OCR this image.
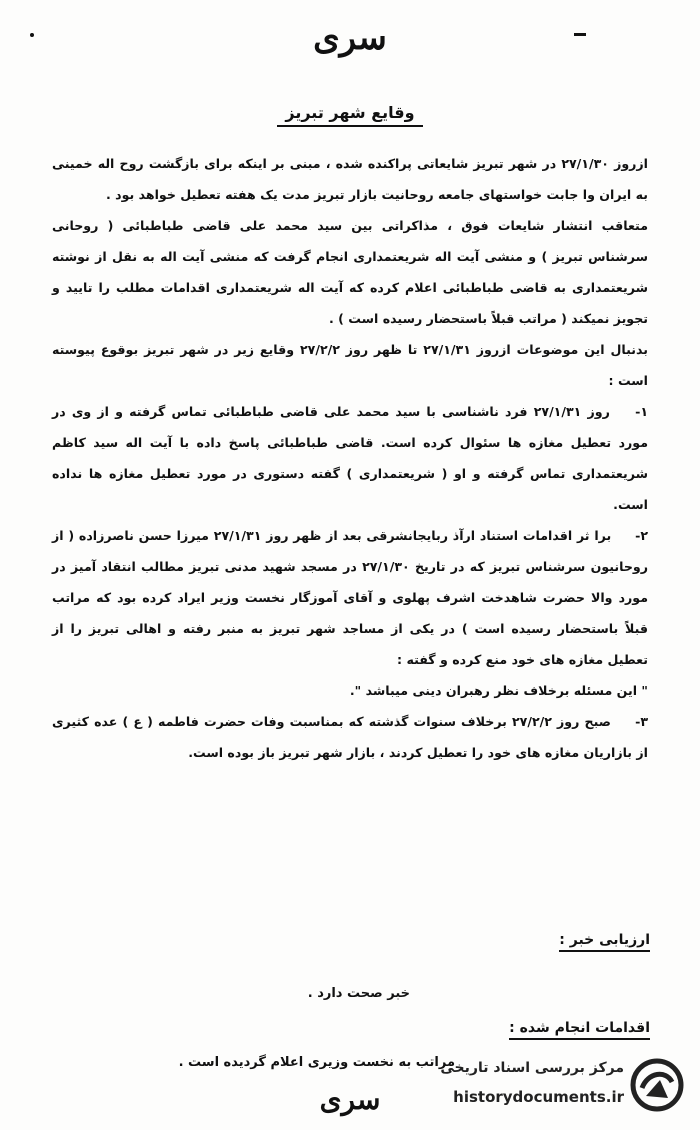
سری
وقایع شهر تبریز

ازروز ۲۷/۱/۳۰ در شهر تبریز شایعاتی پراکنده شده ، مبنی بر اینکه برای بازگشت روح اله خمینی به ایران وا جابت خواستهای جامعه روحانیت بازار تبریز مدت یک هفته تعطیل خواهد بود .

متعاقب انتشار شایعات فوق ، مذاکراتی بین سید محمد علی قاضی طباطبائی ( روحانی سرشناس تبریز ) و منشی آیت اله شریعتمداری انجام گرفت که منشی آیت اله به نقل از نوشته شریعتمداری به قاضی طباطبائی اعلام کرده که آیت اله شریعتمداری اقدامات مطلب را تایید و تجویز نمیکند ( مراتب قبلاً باستحضار رسیده است ) .

بدنبال این موضوعات ازروز ۲۷/۱/۳۱ تا ظهر روز ۲۷/۲/۲ وقایع زیر در شهر تبریز بوقوع پیوسته است :

۱- روز ۲۷/۱/۳۱ فرد ناشناسی با سید محمد علی قاضی طباطبائی تماس گرفته و از وی در مورد تعطیل مغازه ها سئوال کرده است. قاضی طباطبائی پاسخ داده با آیت اله سید کاظم شریعتمداری تماس گرفته و او ( شریعتمداری ) گفته دستوری در مورد تعطیل مغازه ها نداده است.

۲- برا ثر اقدامات استناد ارآذ ربایجانشرقی بعد از ظهر روز ۲۷/۱/۳۱ میرزا حسن ناصرزاده ( از روحانیون سرشناس تبریز که در تاریخ ۲۷/۱/۳۰ در مسجد شهید مدنی تبریز مطالب انتقاد آمیز در مورد والا حضرت شاهدخت اشرف پهلوی و آقای آموزگار نخست وزیر ایراد کرده بود که مراتب قبلاً باستحضار رسیده است ) در یکی از مساجد شهر تبریز به منبر رفته و اهالی تبریز را از تعطیل مغازه های خود منع کرده و گفته :

" این مسئله برخلاف نظر رهبران دینی میباشد ".

۳- صبح روز ۲۷/۲/۲ برخلاف سنوات گذشته که بمناسبت وفات حضرت فاطمه ( ع ) عده کثیری از بازاریان مغازه های خود را تعطیل کردند ، بازار شهر تبریز باز بوده است.

ارزیابی خبر :
خبر صحت دارد .
اقدامات انجام شده :
مراتب به نخست وزیری اعلام گردیده است .
سری
مرکز بررسی اسناد تاریخی
historydocuments.ir
